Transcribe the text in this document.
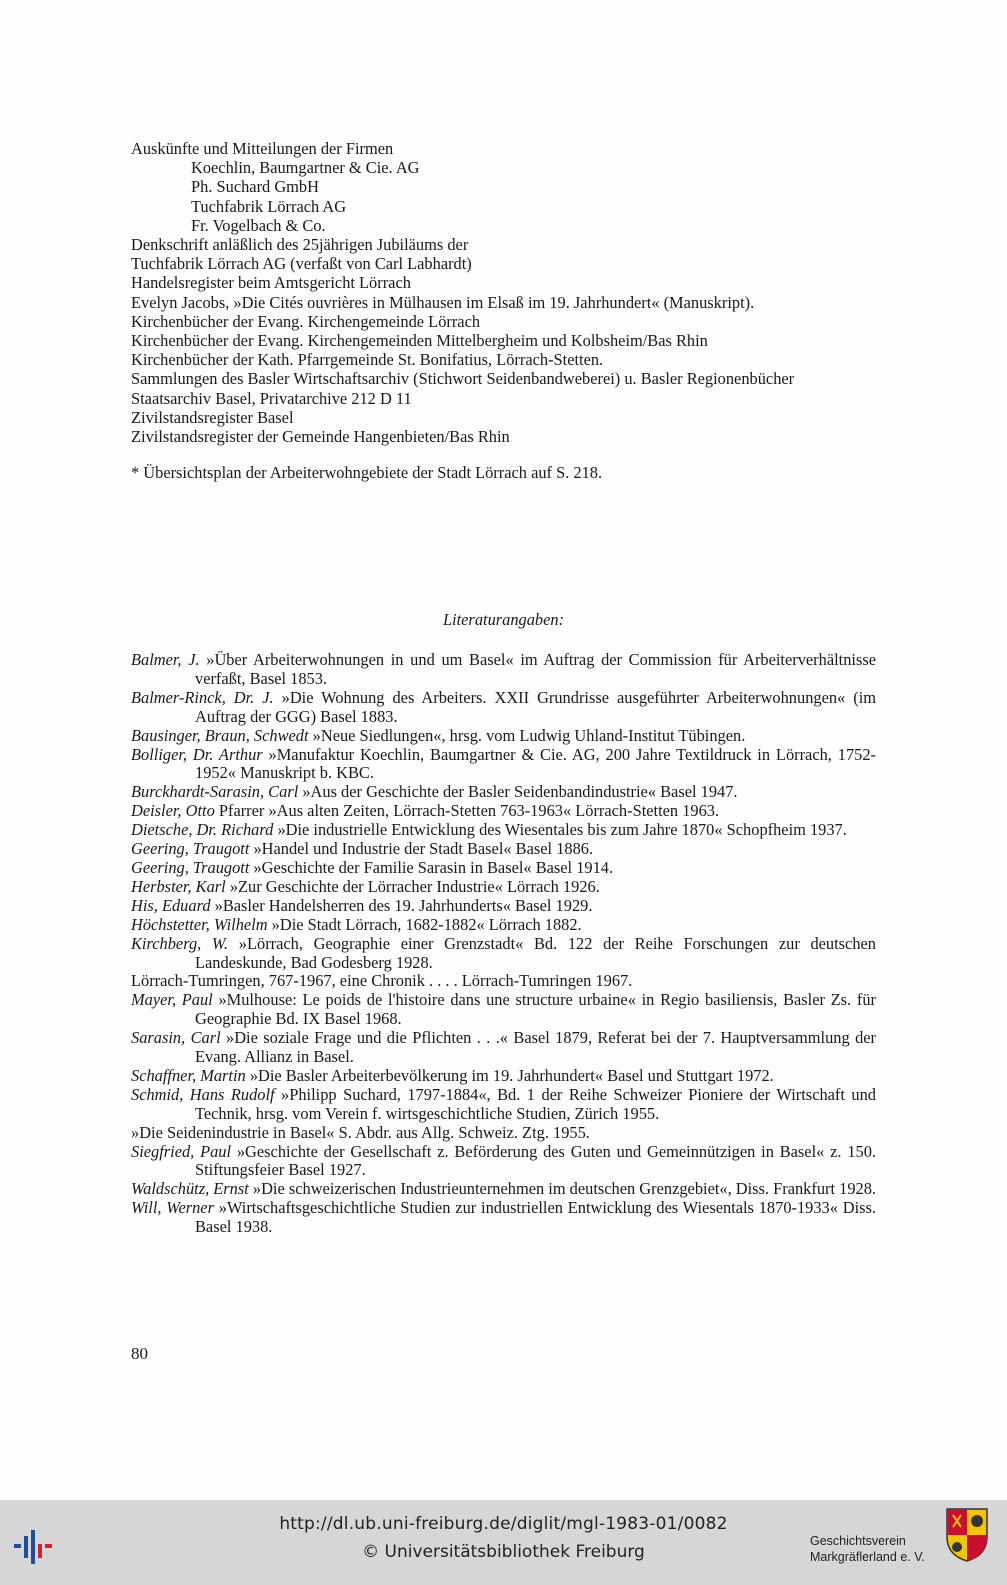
Auskünfte und Mitteilungen der Firmen
Koechlin, Baumgartner & Cie. AG
Ph. Suchard GmbH
Tuchfabrik Lörrach AG
Fr. Vogelbach & Co.
Denkschrift anläßlich des 25jährigen Jubiläums der
Tuchfabrik Lörrach AG (verfaßt von Carl Labhardt)
Handelsregister beim Amtsgericht Lörrach
Evelyn Jacobs, »Die Cités ouvrières in Mülhausen im Elsaß im 19. Jahrhundert« (Manuskript).
Kirchenbücher der Evang. Kirchengemeinde Lörrach
Kirchenbücher der Evang. Kirchengemeinden Mittelbergheim und Kolbsheim/Bas Rhin
Kirchenbücher der Kath. Pfarrgemeinde St. Bonifatius, Lörrach-Stetten.
Sammlungen des Basler Wirtschaftsarchiv (Stichwort Seidenbandweberei) u. Basler Regionenbücher
Staatsarchiv Basel, Privatarchive 212 D 11
Zivilstandsregister Basel
Zivilstandsregister der Gemeinde Hangenbieten/Bas Rhin
* Übersichtsplan der Arbeiterwohngebiete der Stadt Lörrach auf S. 218.
Literaturangaben:
Balmer, J. »Über Arbeiterwohnungen in und um Basel« im Auftrag der Commission für Arbeiterverhältnisse verfaßt, Basel 1853.
Balmer-Rinck, Dr. J. »Die Wohnung des Arbeiters. XXII Grundrisse ausgeführter Arbeiterwohnungen« (im Auftrag der GGG) Basel 1883.
Bausinger, Braun, Schwedt »Neue Siedlungen«, hrsg. vom Ludwig Uhland-Institut Tübingen.
Bolliger, Dr. Arthur »Manufaktur Koechlin, Baumgartner & Cie. AG, 200 Jahre Textildruck in Lörrach, 1752-1952« Manuskript b. KBC.
Burckhardt-Sarasin, Carl »Aus der Geschichte der Basler Seidenbandindustrie« Basel 1947.
Deisler, Otto Pfarrer »Aus alten Zeiten, Lörrach-Stetten 763-1963« Lörrach-Stetten 1963.
Dietsche, Dr. Richard »Die industrielle Entwicklung des Wiesentales bis zum Jahre 1870« Schopfheim 1937.
Geering, Traugott »Handel und Industrie der Stadt Basel« Basel 1886.
Geering, Traugott »Geschichte der Familie Sarasin in Basel« Basel 1914.
Herbster, Karl »Zur Geschichte der Lörracher Industrie« Lörrach 1926.
His, Eduard »Basler Handelsherren des 19. Jahrhunderts« Basel 1929.
Höchstetter, Wilhelm »Die Stadt Lörrach, 1682-1882« Lörrach 1882.
Kirchberg, W. »Lörrach, Geographie einer Grenzstadt« Bd. 122 der Reihe Forschungen zur deutschen Landeskunde, Bad Godesberg 1928.
Lörrach-Tumringen, 767-1967, eine Chronik . . . . Lörrach-Tumringen 1967.
Mayer, Paul »Mulhouse: Le poids de l'histoire dans une structure urbaine« in Regio basiliensis, Basler Zs. für Geographie Bd. IX Basel 1968.
Sarasin, Carl »Die soziale Frage und die Pflichten . . .« Basel 1879, Referat bei der 7. Hauptversammlung der Evang. Allianz in Basel.
Schaffner, Martin »Die Basler Arbeiterbevölkerung im 19. Jahrhundert« Basel und Stuttgart 1972.
Schmid, Hans Rudolf »Philipp Suchard, 1797-1884«, Bd. 1 der Reihe Schweizer Pioniere der Wirtschaft und Technik, hrsg. vom Verein f. wirtsgeschichtliche Studien, Zürich 1955.
»Die Seidenindustrie in Basel« S. Abdr. aus Allg. Schweiz. Ztg. 1955.
Siegfried, Paul »Geschichte der Gesellschaft z. Beförderung des Guten und Gemeinnützigen in Basel« z. 150. Stiftungsfeier Basel 1927.
Waldschütz, Ernst »Die schweizerischen Industrieunternehmen im deutschen Grenzgebiet«, Diss. Frankfurt 1928.
Will, Werner »Wirtschaftsgeschichtliche Studien zur industriellen Entwicklung des Wiesentals 1870-1933« Diss. Basel 1938.
80
http://dl.ub.uni-freiburg.de/diglit/mgl-1983-01/0082
© Universitätsbibliothek Freiburg
Geschichtsverein
Markgräflerland e. V.
